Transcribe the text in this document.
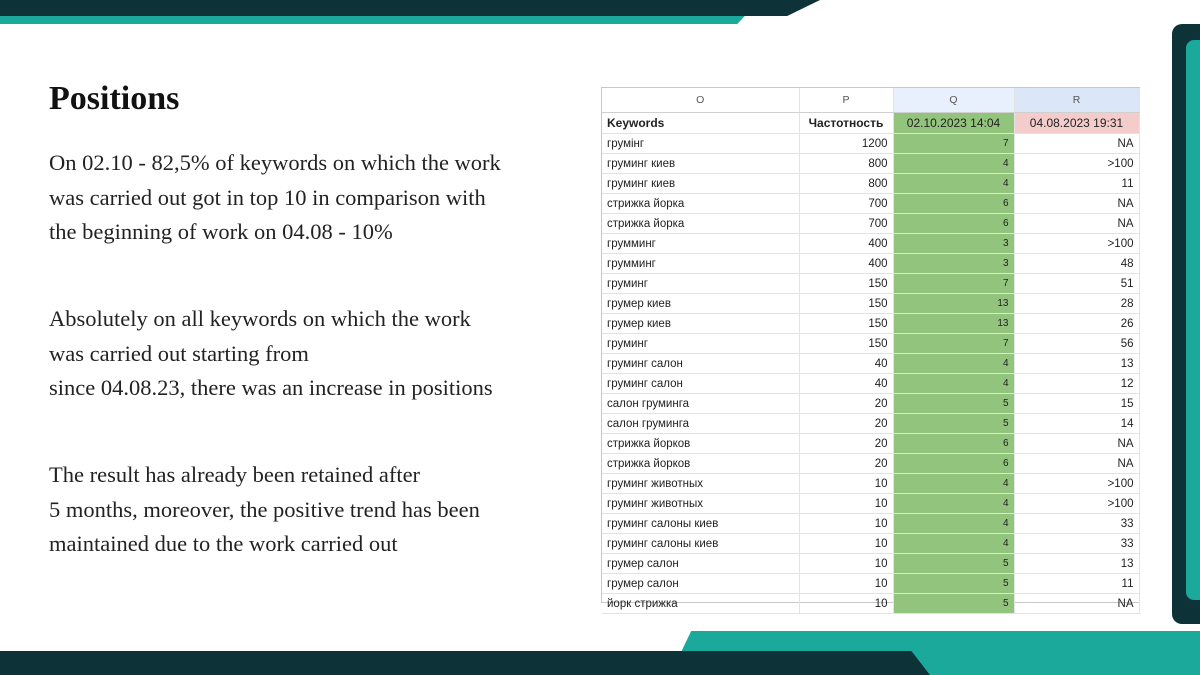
Positions

On 02.10 - 82,5% of keywords on which the work
was carried out got in top 10 in comparison with
the beginning of work on 04.08 - 10%

Absolutely on all keywords on which the work
was carried out starting from
since 04.08.23, there was an increase in positions

The result has already been retained after
5 months, moreover, the positive trend has been
maintained due to the work carried out

O	P	Q	R
Keywords	Частотность	02.10.2023 14:04	04.08.2023 19:31
грумінг	1200	7	NA
груминг киев	800	4	>100
груминг киев	800	4	11
стрижка йорка	700	6	NA
стрижка йорка	700	6	NA
грумминг	400	3	>100
грумминг	400	3	48
груминг	150	7	51
грумер киев	150	13	28
грумер киев	150	13	26
груминг	150	7	56
груминг салон	40	4	13
груминг салон	40	4	12
салон груминга	20	5	15
салон груминга	20	5	14
стрижка йорков	20	6	NA
стрижка йорков	20	6	NA
груминг животных	10	4	>100
груминг животных	10	4	>100
груминг салоны киев	10	4	33
груминг салоны киев	10	4	33
грумер салон	10	5	13
грумер салон	10	5	11
йорк стрижка	10	5	NA
